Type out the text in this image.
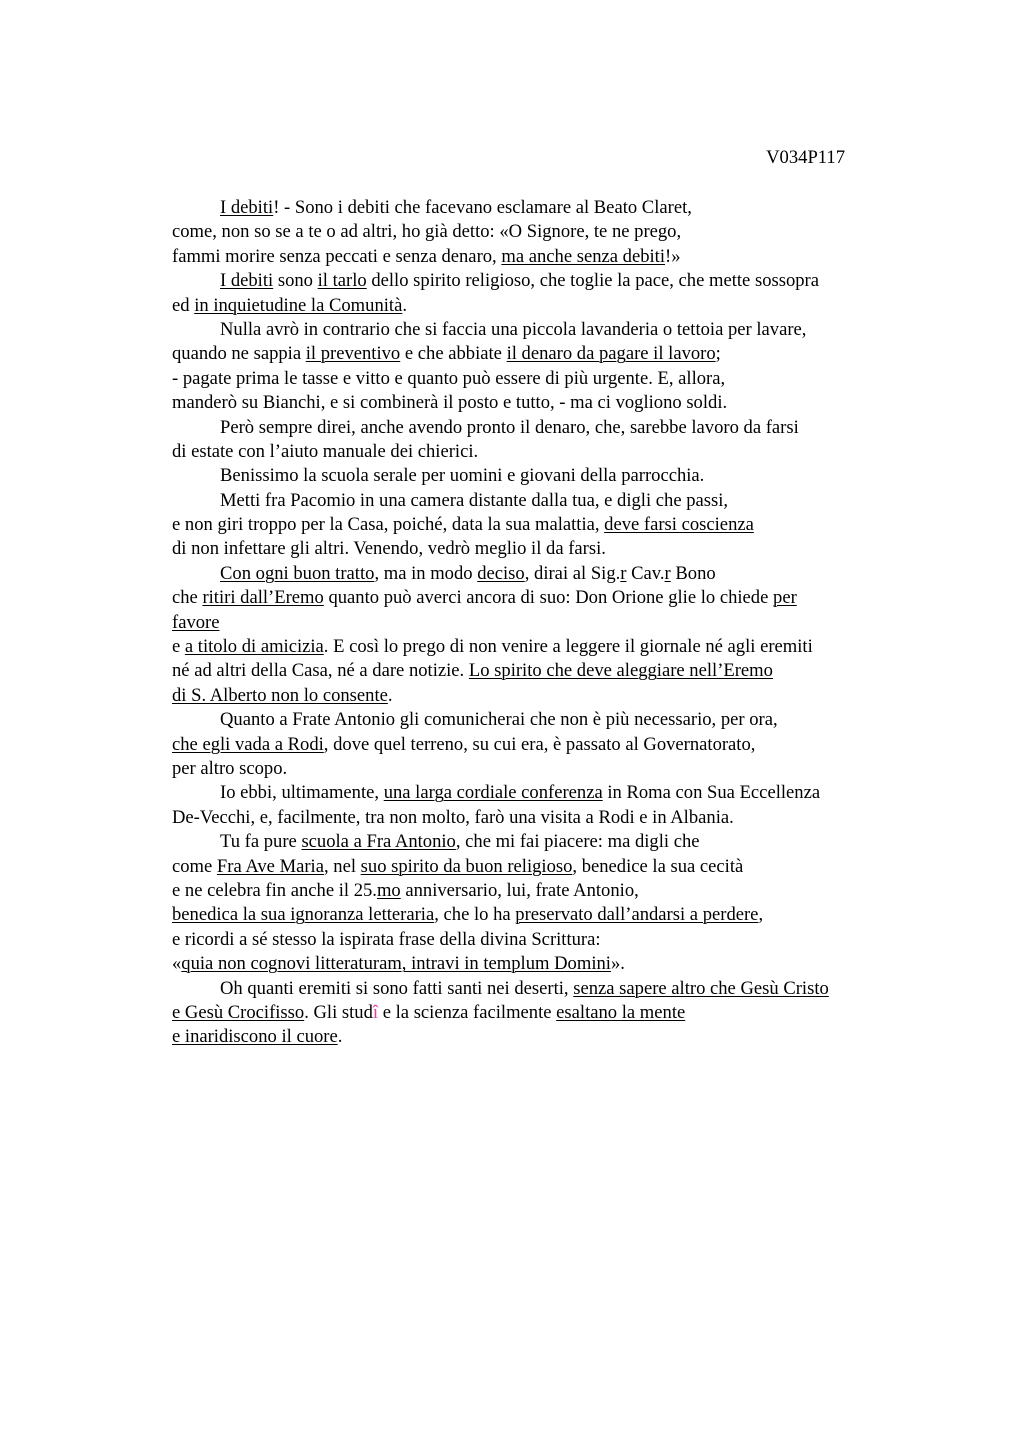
V034P117
I debiti! - Sono i debiti che facevano esclamare al Beato Claret,
come, non so se a te o ad altri, ho già detto: «O Signore, te ne prego,
fammi morire senza peccati e senza denaro, ma anche senza debiti!»
I debiti sono il tarlo dello spirito religioso, che toglie la pace, che mette sossopra
ed in inquietudine la Comunità.
Nulla avrò in contrario che si faccia una piccola lavanderia o tettoia per lavare,
quando ne sappia il preventivo e che abbiate il denaro da pagare il lavoro;
- pagate prima le tasse e vitto e quanto può essere di più urgente. E, allora,
manderò su Bianchi, e si combinerà il posto e tutto, - ma ci vogliono soldi.
Però sempre direi, anche avendo pronto il denaro, che, sarebbe lavoro da farsi
di estate con l’aiuto manuale dei chierici.
Benissimo la scuola serale per uomini e giovani della parrocchia.
Metti fra Pacomio in una camera distante dalla tua, e digli che passi,
e non giri troppo per la Casa, poiché, data la sua malattia, deve farsi coscienza
di non infettare gli altri. Venendo, vedrò meglio il da farsi.
Con ogni buon tratto, ma in modo deciso, dirai al Sig.r Cav.r Bono
che ritiri dall’Eremo quanto può averci ancora di suo: Don Orione glie lo chiede per
favore
e a titolo di amicizia. E così lo prego di non venire a leggere il giornale né agli eremiti
né ad altri della Casa, né a dare notizie. Lo spirito che deve aleggiare nell’Eremo
di S. Alberto non lo consente.
Quanto a Frate Antonio gli comunicherai che non è più necessario, per ora,
che egli vada a Rodi, dove quel terreno, su cui era, è passato al Governatorato,
per altro scopo.
Io ebbi, ultimamente, una larga cordiale conferenza in Roma con Sua Eccellenza
De-Vecchi, e, facilmente, tra non molto, farò una visita a Rodi e in Albania.
Tu fa pure scuola a Fra Antonio, che mi fai piacere: ma digli che
come Fra Ave Maria, nel suo spirito da buon religioso, benedice la sua cecità
e ne celebra fin anche il 25.mo anniversario, lui, frate Antonio,
benedica la sua ignoranza letteraria, che lo ha preservato dall’andarsi a perdere,
e ricordi a sé stesso la ispirata frase della divina Scrittura:
«quia non cognovi litteraturam, intravi in templum Domini».
Oh quanti eremiti si sono fatti santi nei deserti, senza sapere altro che Gesù Cristo
e Gesù Crocifisso. Gli studî e la scienza facilmente esaltano la mente
e inaridiscono il cuore.
